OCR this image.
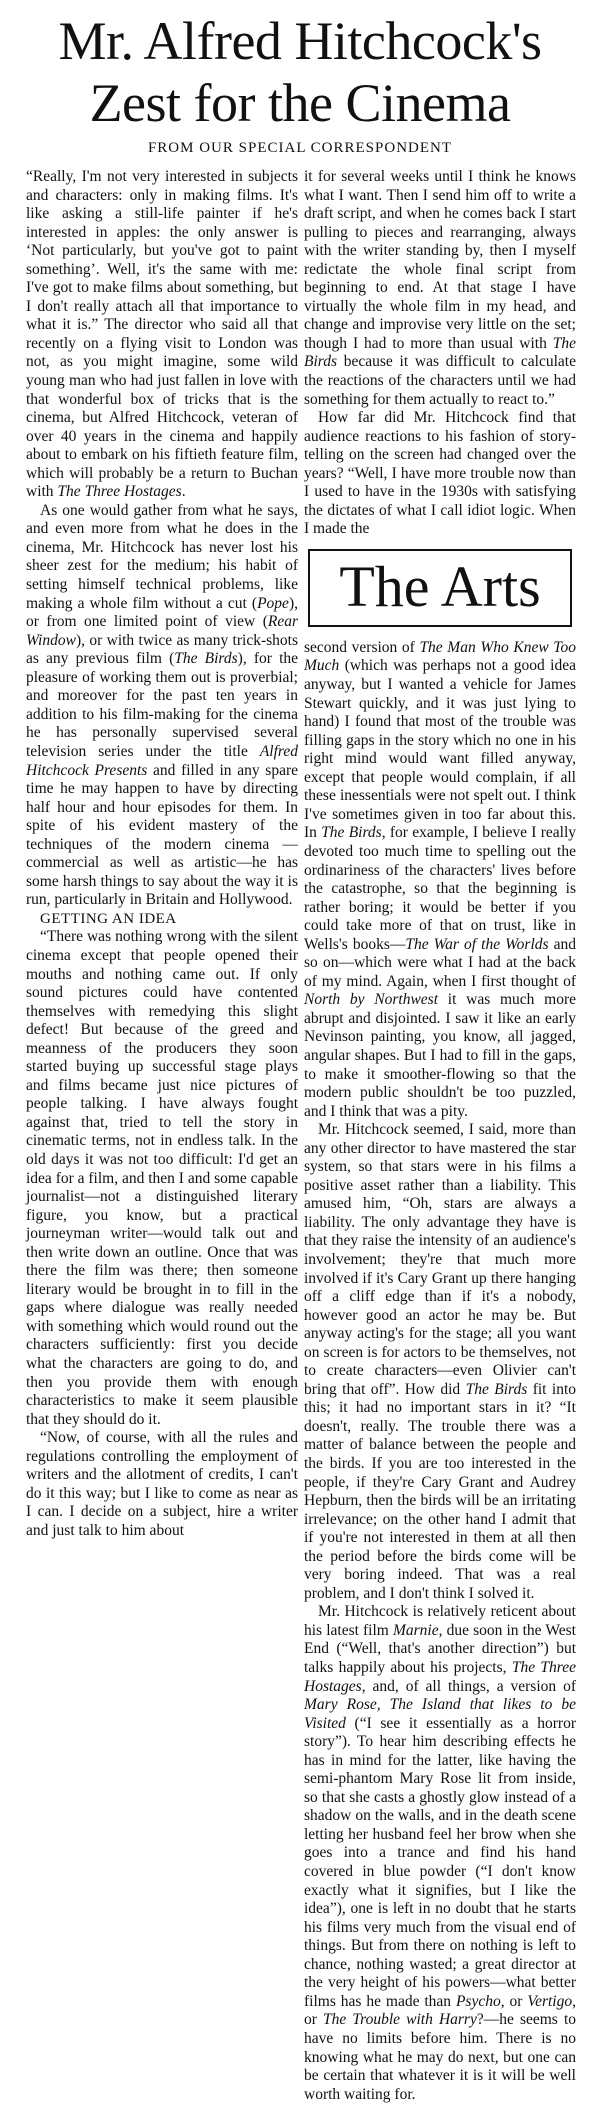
Mr. Alfred Hitchcock's
Zest for the Cinema

FROM OUR SPECIAL CORRESPONDENT

“Really, I'm not very interested in subjects and characters: only in making films. It's like asking a still-life painter if he's interested in apples: the only answer is ‘Not particularly, but you've got to paint something’. Well, it's the same with me: I've got to make films about something, but I don't really attach all that importance to what it is.” The director who said all that recently on a flying visit to London was not, as you might imagine, some wild young man who had just fallen in love with that wonderful box of tricks that is the cinema, but Alfred Hitchcock, veteran of over 40 years in the cinema and happily about to embark on his fiftieth feature film, which will probably be a return to Buchan with The Three Hostages.

As one would gather from what he says, and even more from what he does in the cinema, Mr. Hitchcock has never lost his sheer zest for the medium; his habit of setting himself technical problems, like making a whole film without a cut (Pope), or from one limited point of view (Rear Window), or with twice as many trick-shots as any previous film (The Birds), for the pleasure of working them out is proverbial; and moreover for the past ten years in addition to his film-making for the cinema he has personally supervised several television series under the title Alfred Hitchcock Presents and filled in any spare time he may happen to have by directing half hour and hour episodes for them. In spite of his evident mastery of the techniques of the modern cinema —commercial as well as artistic—he has some harsh things to say about the way it is run, particularly in Britain and Hollywood.

GETTING AN IDEA

“There was nothing wrong with the silent cinema except that people opened their mouths and nothing came out. If only sound pictures could have contented themselves with remedying this slight defect! But because of the greed and meanness of the producers they soon started buying up successful stage plays and films became just nice pictures of people talking. I have always fought against that, tried to tell the story in cinematic terms, not in endless talk. In the old days it was not too difficult: I'd get an idea for a film, and then I and some capable journalist—not a distinguished literary figure, you know, but a practical journeyman writer—would talk out and then write down an outline. Once that was there the film was there; then someone literary would be brought in to fill in the gaps where dialogue was really needed with something which would round out the characters sufficiently: first you decide what the characters are going to do, and then you provide them with enough characteristics to make it seem plausible that they should do it.

“Now, of course, with all the rules and regulations controlling the employment of writers and the allotment of credits, I can't do it this way; but I like to come as near as I can. I decide on a subject, hire a writer and just talk to him about

it for several weeks until I think he knows what I want. Then I send him off to write a draft script, and when he comes back I start pulling to pieces and rearranging, always with the writer standing by, then I myself redictate the whole final script from beginning to end. At that stage I have virtually the whole film in my head, and change and improvise very little on the set; though I had to more than usual with The Birds because it was difficult to calculate the reactions of the characters until we had something for them actually to react to.”

How far did Mr. Hitchcock find that audience reactions to his fashion of story-telling on the screen had changed over the years? “Well, I have more trouble now than I used to have in the 1930s with satisfying the dictates of what I call idiot logic. When I made the

The Arts

second version of The Man Who Knew Too Much (which was perhaps not a good idea anyway, but I wanted a vehicle for James Stewart quickly, and it was just lying to hand) I found that most of the trouble was filling gaps in the story which no one in his right mind would want filled anyway, except that people would complain, if all these inessentials were not spelt out. I think I've sometimes given in too far about this. In The Birds, for example, I believe I really devoted too much time to spelling out the ordinariness of the characters' lives before the catastrophe, so that the beginning is rather boring; it would be better if you could take more of that on trust, like in Wells's books—The War of the Worlds and so on—which were what I had at the back of my mind. Again, when I first thought of North by Northwest it was much more abrupt and disjointed. I saw it like an early Nevinson painting, you know, all jagged, angular shapes. But I had to fill in the gaps, to make it smoother-flowing so that the modern public shouldn't be too puzzled, and I think that was a pity.

Mr. Hitchcock seemed, I said, more than any other director to have mastered the star system, so that stars were in his films a positive asset rather than a liability. This amused him, “Oh, stars are always a liability. The only advantage they have is that they raise the intensity of an audience's involvement; they're that much more involved if it's Cary Grant up there hanging off a cliff edge than if it's a nobody, however good an actor he may be. But anyway acting's for the stage; all you want on screen is for actors to be themselves, not to create characters—even Olivier can't bring that off”. How did The Birds fit into this; it had no important stars in it? “It doesn't, really. The trouble there was a matter of balance between the people and the birds. If you are too interested in the people, if they're Cary Grant and Audrey Hepburn, then the birds will be an irritating irrelevance; on the other hand I admit that if you're not interested in them at all then the period before the birds come will be very boring indeed. That was a real problem, and I don't think I solved it.

Mr. Hitchcock is relatively reticent about his latest film Marnie, due soon in the West End (“Well, that's another direction”) but talks happily about his projects, The Three Hostages, and, of all things, a version of Mary Rose, The Island that likes to be Visited (“I see it essentially as a horror story”). To hear him describing effects he has in mind for the latter, like having the semi-phantom Mary Rose lit from inside, so that she casts a ghostly glow instead of a shadow on the walls, and in the death scene letting her husband feel her brow when she goes into a trance and find his hand covered in blue powder (“I don't know exactly what it signifies, but I like the idea”), one is left in no doubt that he starts his films very much from the visual end of things. But from there on nothing is left to chance, nothing wasted; a great director at the very height of his powers—what better films has he made than Psycho, or Vertigo, or The Trouble with Harry?—he seems to have no limits before him. There is no knowing what he may do next, but one can be certain that whatever it is it will be well worth waiting for.
